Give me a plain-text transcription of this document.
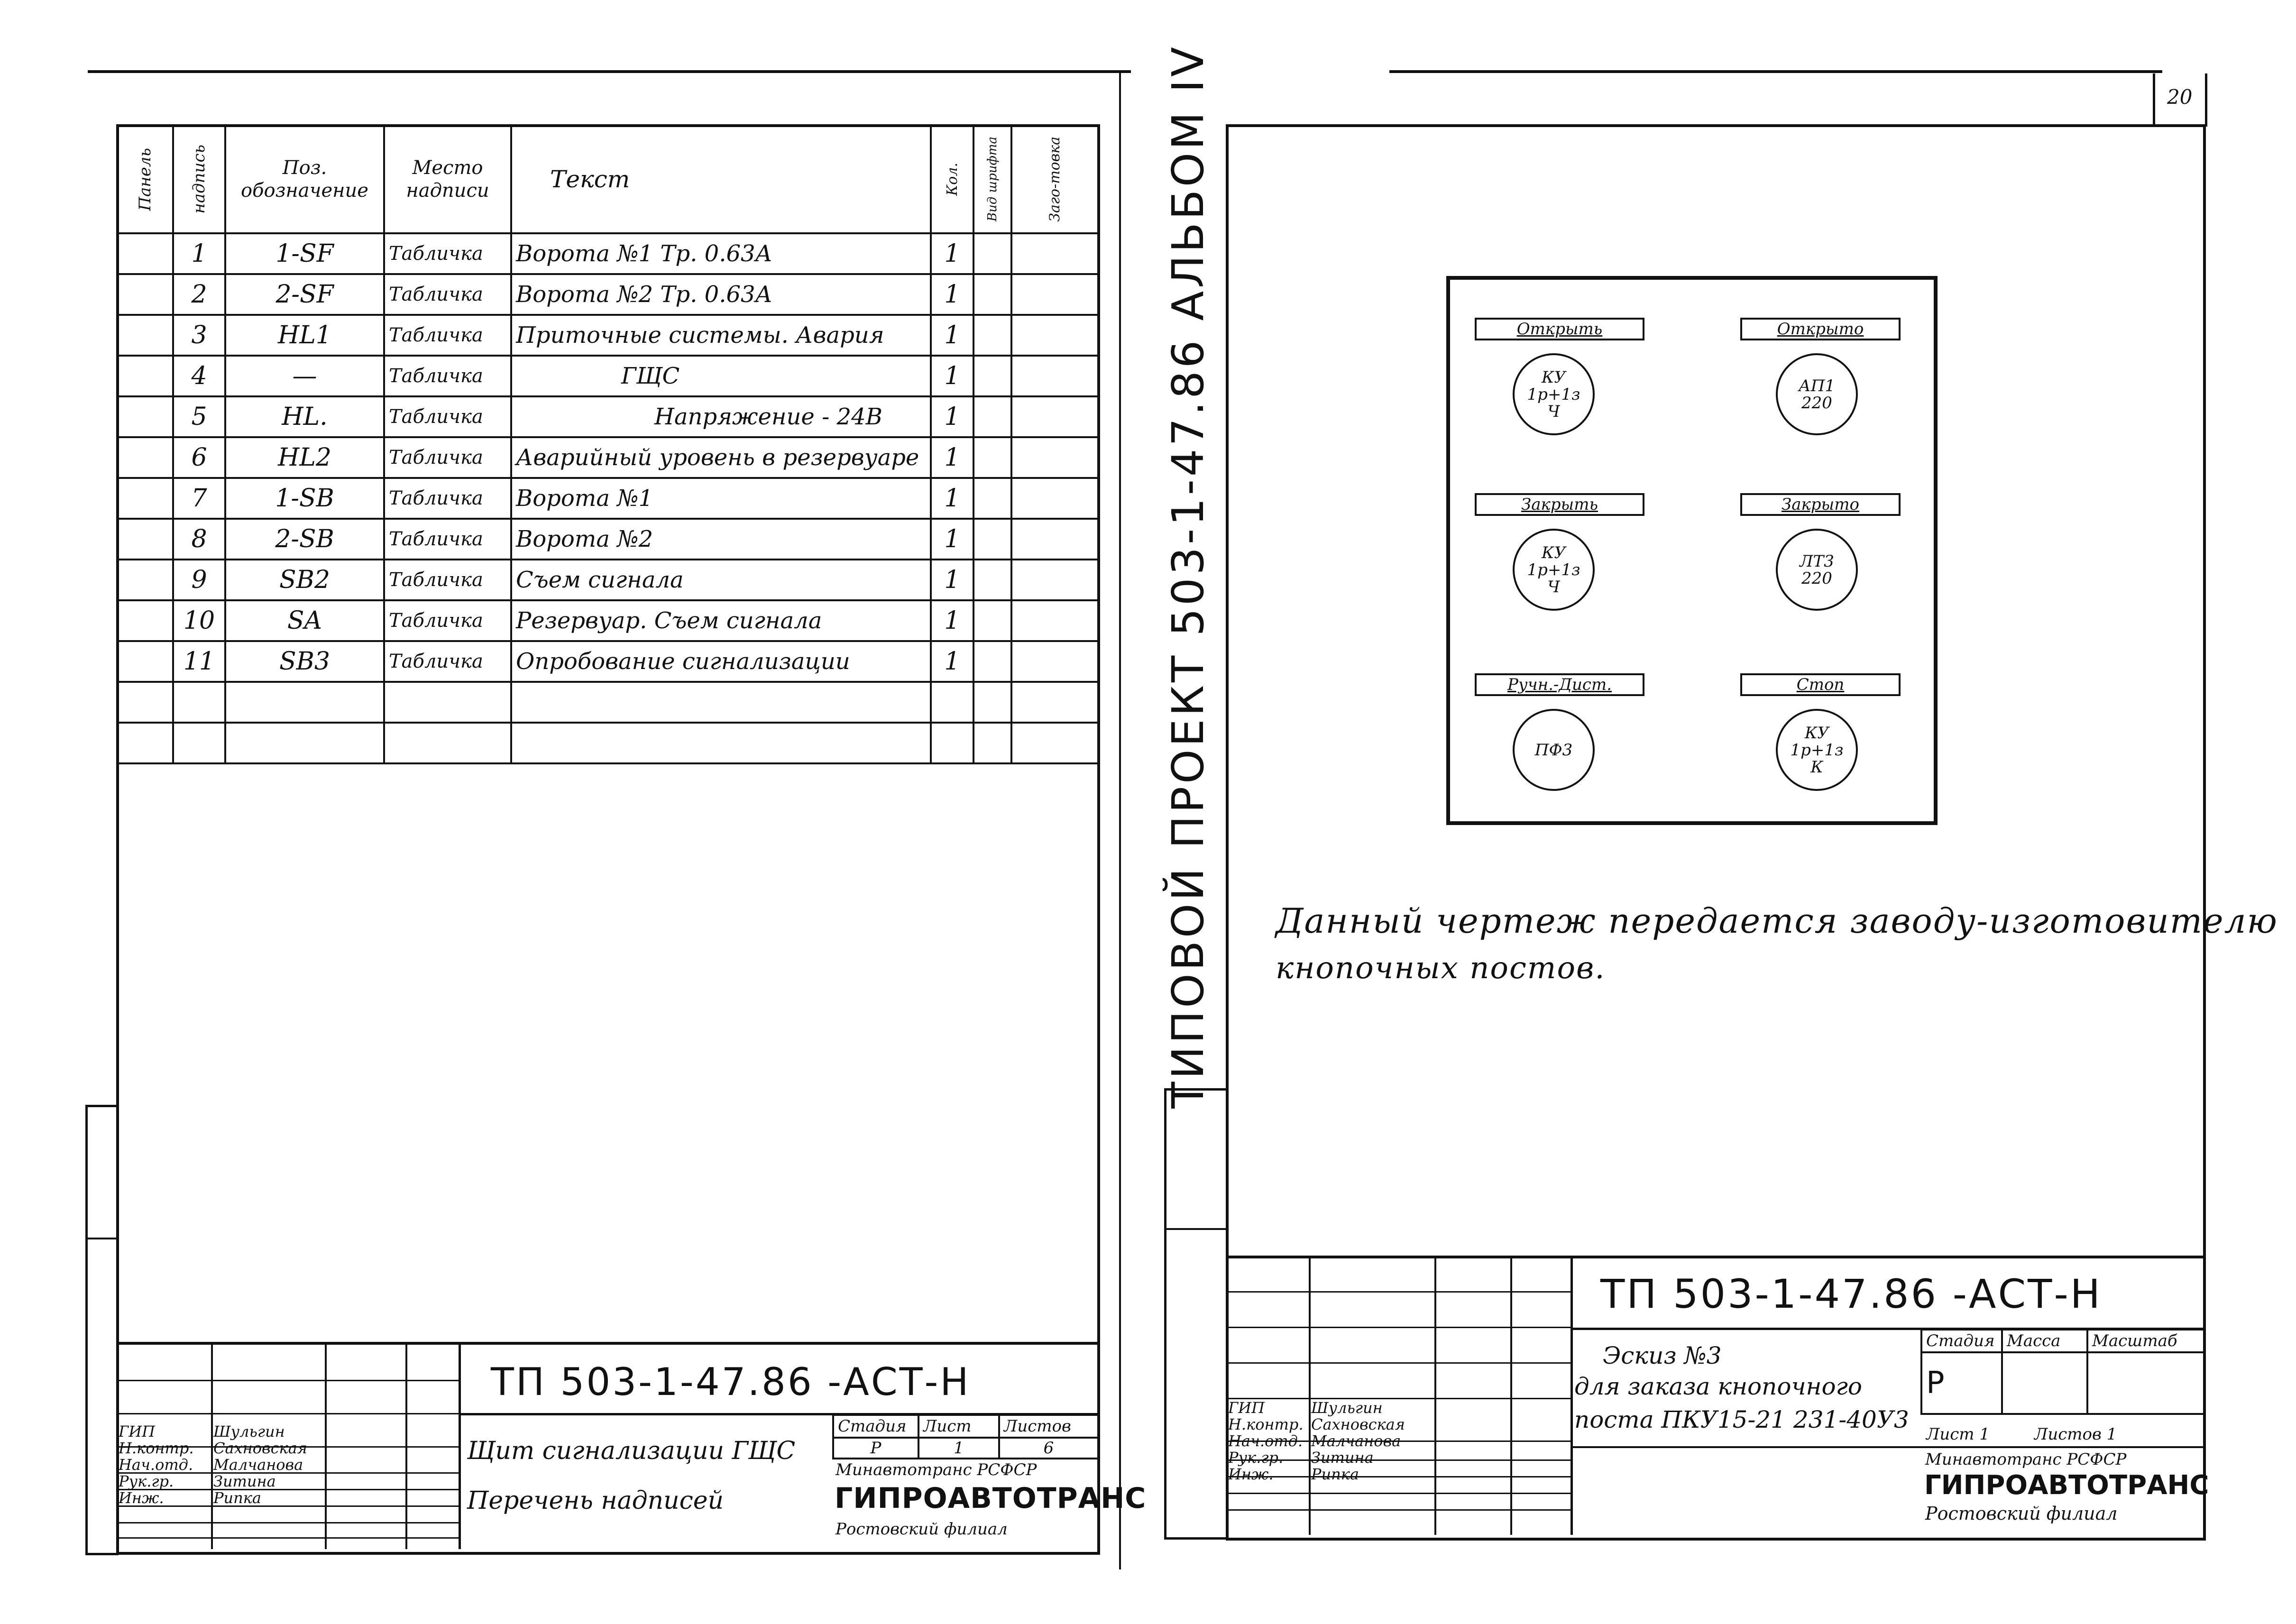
Панель	надпись	Поз. обозначение	Место надписи	Текст	Кол.	Вид шрифта	Заго-товка

	1	1-SF	Табличка	Ворота №1 Тр. 0.63А	1		
	2	2-SF	Табличка	Ворота №2 Тр. 0.63А	1		
	3	HL1	Табличка	Приточные системы. Авария	1		
	4	—	Табличка	ГЩС	1		
	5	HL.	Табличка	Напряжение - 24В	1		
	6	HL2	Табличка	Аварийный уровень в резервуаре	1		
	7	1-SB	Табличка	Ворота №1	1		
	8	2-SB	Табличка	Ворота №2	1		
	9	SB2	Табличка	Съем сигнала	1		
	10	SA	Табличка	Резервуар. Съем сигнала	1		
	11	SB3	Табличка	Опробование сигнализации	1		

ГИП	Шульгин
Н.контр. Сахновская
Нач.отд. Малчанова
Рук.гр.	Зитина
Инж.	Рипка
ТП 503-1-47.86 -АСТ-Н
Щит сигнализации ГЩС
Перечень надписей
Стадия	Лист	Листов
Р	1	6
Минавтотранс РСФСР
ГИПРОАВТОТРАНС
Ростовский филиал
20
ТИПОВОЙ ПРОЕКТ 503-1-47.86 АЛЬБОМ IV	Открыть
КУ
1р+1з
Ч
Открыто
АП1
220
Закрыть
КУ
1р+1з
Ч
Закрыто
ЛТ3
220
Ручн.-Дист.
ПФ3
Стоп
КУ
1р+1з
К
Данный чертеж передается заводу-изготовителю
кнопочных постов.
ГИП	Шульгин
Н.контр. Сахновская
Нач.отд. Малчанова
Рук.гр. Зитина
Инж. Рипка
ТП 503-1-47.86 -АСТ-Н
Эскиз №3
для заказа кнопочного
поста ПКУ15-21 231-40У3
Стадия	Масса	Масштаб
Р		
Лист 1	Листов 1
Минавтотранс РСФСР
ГИПРОАВТОТРАНС
Ростовский филиал
